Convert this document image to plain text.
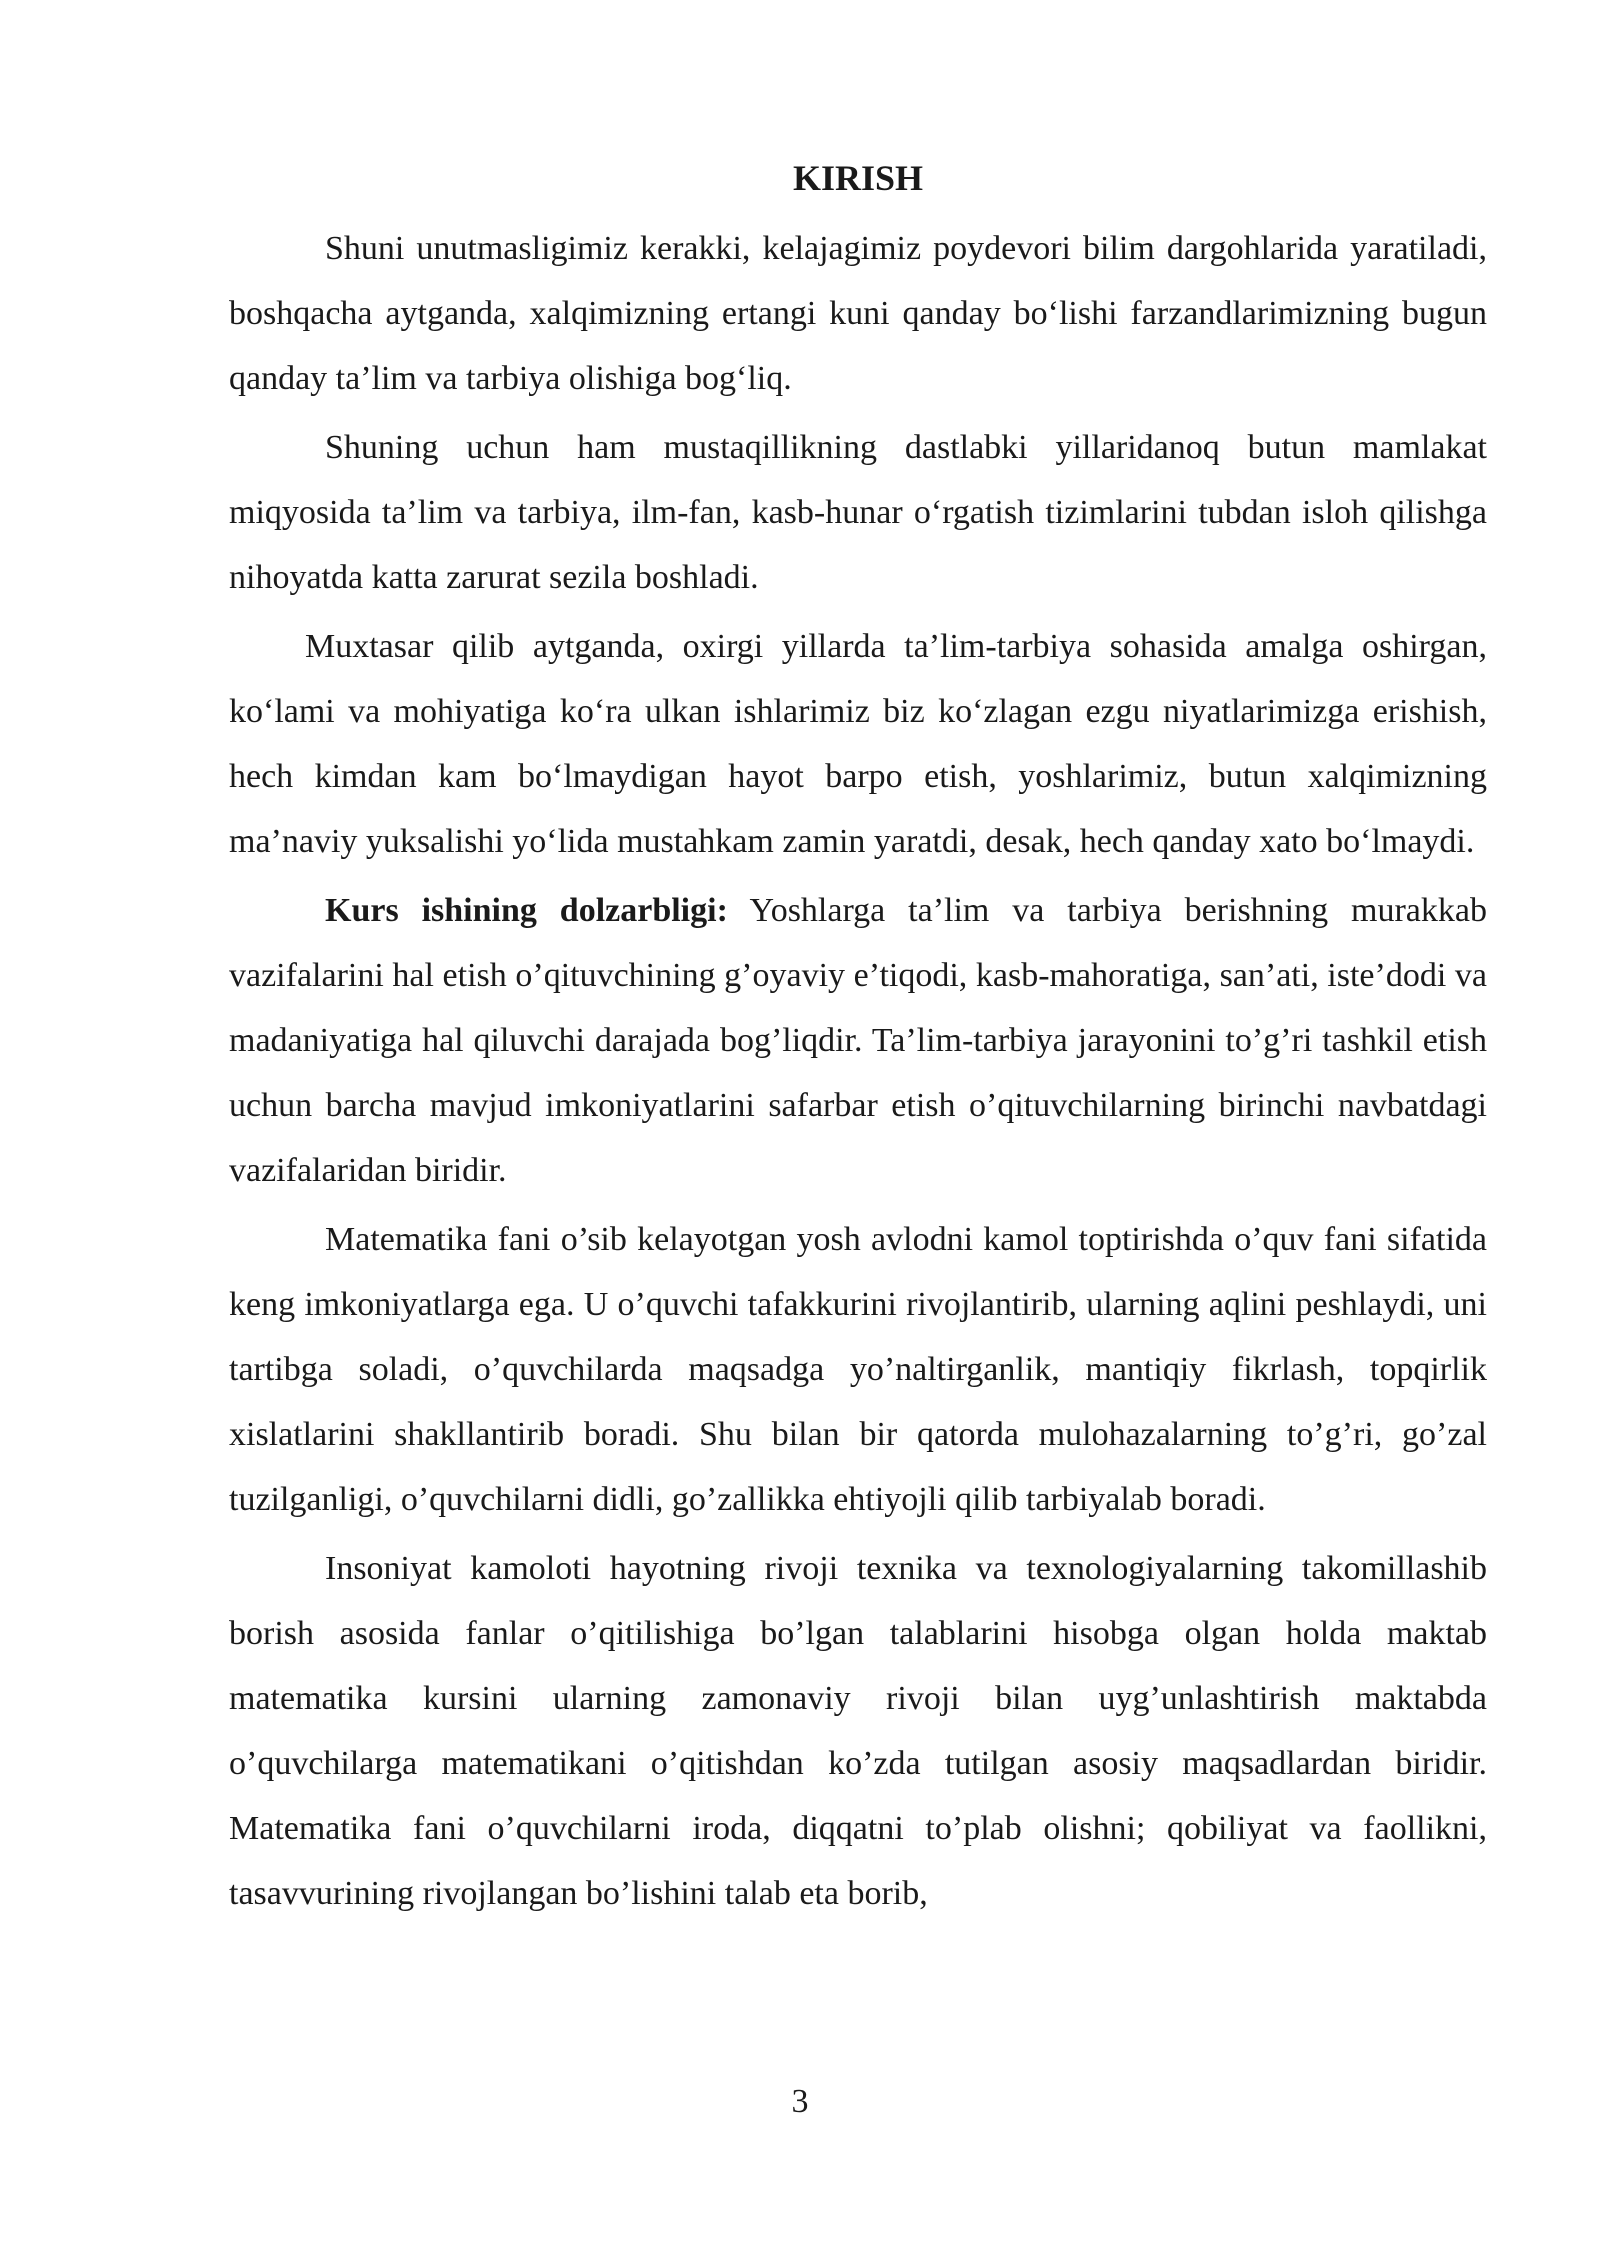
KIRISH

Shuni unutmasligimiz kerakki, kelajagimiz poydevori bilim dargohlarida yaratiladi, boshqacha aytganda, xalqimizning ertangi kuni qanday bo‘lishi farzandlarimizning bugun qanday ta’lim va tarbiya olishiga bog‘liq.

Shuning uchun ham mustaqillikning dastlabki yillaridanoq butun mamlakat miqyosida ta’lim va tarbiya, ilm-fan, kasb-hunar o‘rgatish tizimlarini tubdan isloh qilishga nihoyatda katta zarurat sezila boshladi.

Muxtasar qilib aytganda, oxirgi yillarda ta’lim-tarbiya sohasida amalga oshirgan, ko‘lami va mohiyatiga ko‘ra ulkan ishlarimiz biz ko‘zlagan ezgu niyatlarimizga erishish, hech kimdan kam bo‘lmaydigan hayot barpo etish, yoshlarimiz, butun xalqimizning ma’naviy yuksalishi yo‘lida mustahkam zamin yaratdi, desak, hech qanday xato bo‘lmaydi.

Kurs ishining dolzarbligi: Yoshlarga ta’lim va tarbiya berishning murakkab vazifalarini hal etish o’qituvchining g’oyaviy e’tiqodi, kasb-mahoratiga, san’ati, iste’dodi va madaniyatiga hal qiluvchi darajada bog’liqdir. Ta’lim-tarbiya jarayonini to’g’ri tashkil etish uchun barcha mavjud imkoniyatlarini safarbar etish o’qituvchilarning birinchi navbatdagi vazifalaridan biridir.

Matematika fani o’sib kelayotgan yosh avlodni kamol toptirishda o’quv fani sifatida keng imkoniyatlarga ega. U o’quvchi tafakkurini rivojlantirib, ularning aqlini peshlaydi, uni tartibga soladi, o’quvchilarda maqsadga yo’naltirganlik, mantiqiy fikrlash, topqirlik xislatlarini shakllantirib boradi. Shu bilan bir qatorda mulohazalarning to’g’ri, go’zal tuzilganligi, o’quvchilarni didli, go’zallikka ehtiyojli qilib tarbiyalab boradi.

Insoniyat kamoloti hayotning rivoji texnika va texnologiyalarning takomillashib borish asosida fanlar o’qitilishiga bo’lgan talablarini hisobga olgan holda maktab matematika kursini ularning zamonaviy rivoji bilan uyg’unlashtirish maktabda o’quvchilarga matematikani o’qitishdan ko’zda tutilgan asosiy maqsadlardan biridir. Matematika fani o’quvchilarni iroda, diqqatni to’plab olishni; qobiliyat va faollikni, tasavvurining rivojlangan bo’lishini talab eta borib,

3
